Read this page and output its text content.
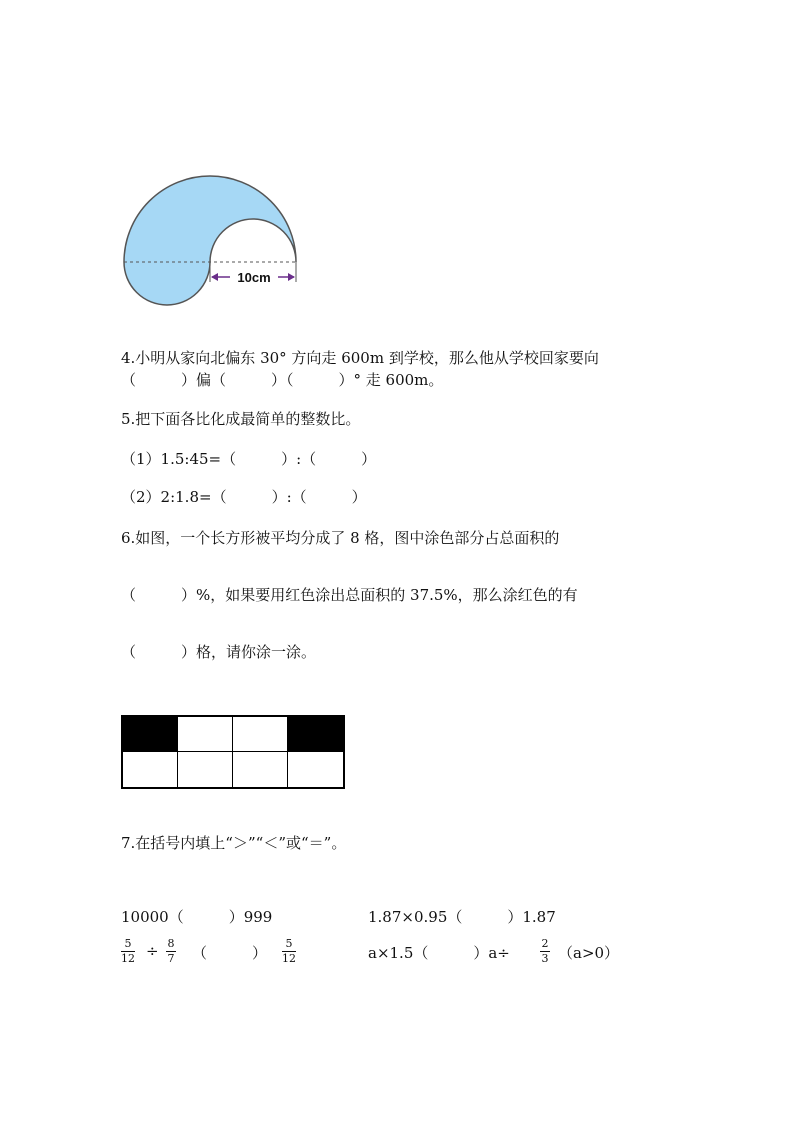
10cm
4.小明从家向北偏东 30° 方向走 600m 到学校，那么他从学校回家要向
（　　　）偏（　　　）（　　　）° 走 600m。
5.把下面各比化成最简单的整数比。
（1）1.5:45=（　　　）:（　　　）
（2）2:1.8=（　　　）:（　　　）
6.如图，一个长方形被平均分成了 8 格，图中涂色部分占总面积的
（　　　）%，如果要用红色涂出总面积的 37.5%，那么涂红色的有
（　　　）格，请你涂一涂。
7.在括号内填上“＞”“＜”或“＝”。
10000（　　　）999	1.87×0.95（　　　）1.87
5
12 ÷ 8
7 （　　　）
5
12	a×1.5（　　　）a÷
2
3 （a>0）
